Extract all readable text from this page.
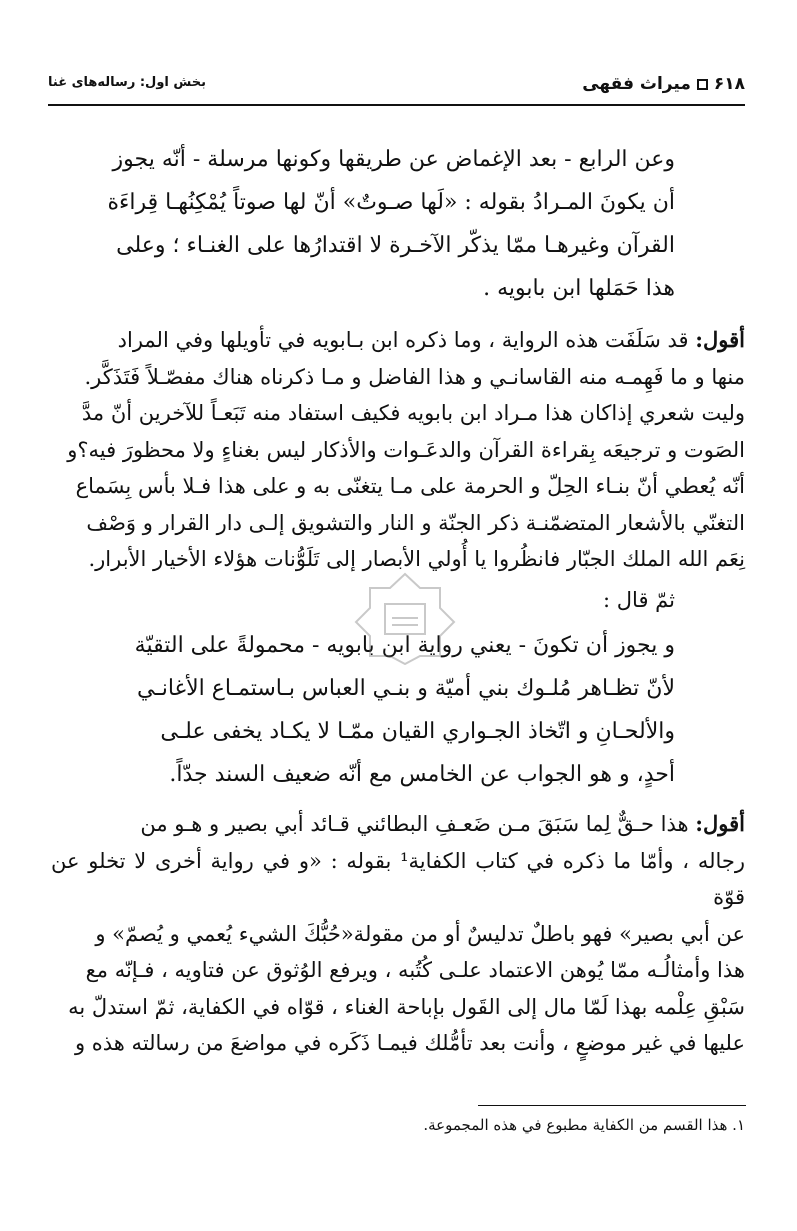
۶۱۸
میراث فقهی
بخش اول: رساله‌های غنا
وعن الرابع - بعد الإغماض عن طريقها وكونها مرسلة - أنّه يجوز
أن يكونَ المـرادُ بقوله : «لَها صـوتٌ» أنّ لها صوتاً يُمْكِنُهـا قِراءَة
القرآن وغيرهـا ممّا يذكّر الآخـرة لا اقتدارُها على الغنـاء ؛ وعلى
هذا حَمَلها ابن بابويه .
أقول: قد سَلَفَت هذه الرواية ، وما ذكره ابن بـابويه في تأويلها وفي المراد
منها و ما فَهِمـه منه القاسانـي و هذا الفاضل و مـا ذكرناه هناك مفصّـلاً فَتَذَكَّر.
وليت شعري إذاكان هذا مـراد ابن بابويه فكيف استفاد منه تَبَعـاً للآخرين أنّ مدَّ
الصَوت و ترجيعَه بِقراءة القرآن والدعَـوات والأذكار ليس بغناءٍ ولا محظورَ فيه؟و
أنّه يُعطي أنّ بنـاء الحِلّ و الحرمة على مـا يتغنّى به و على هذا فـلا بأس بِسَماع
التغنّي بالأشعار المتضمّنـة ذكر الجنّة و النار والتشويق إلـى دار القرار و وَصْف
نِعَم الله الملك الجبّار فانظُروا يا أُولي الأبصار إلى تَلَوُّنات هؤلاء الأخيار الأبرار.
ثمّ قال :
و يجوز أن تكونَ - يعني رواية ابن بابويه - محمولةً على التقيّة
لأنّ تظـاهر مُلـوك بني أميّة و بنـي العباس بـاستمـاع الأغانـي
والألحـانِ و اتّخاذ الجـواري القيان ممّـا لا يكـاد يخفى علـى
أحدٍ، و هو الجواب عن الخامس مع أنّه ضعيف السند جدّاً.
أقول: هذا حـقٌّ لِما سَبَقَ مـن ضَعـفِ البطائني قـائد أبي بصير و هـو من
رجاله ، وأمّا ما ذكره في كتاب الكفاية¹ بقوله : «و في رواية أخرى لا تخلو عن قوّة
عن أبي بصير» فهو باطلٌ تدليسٌ أو من مقولة«حُبُّكَ الشيء يُعمي و يُصمّ» و
هذا وأمثالُـه ممّا يُوهن الاعتماد علـى كُتُبه ، ويرفع الوُثوق عن فتاويه ، فـإنّه مع
سَبْقِ عِلْمه بهذا لَمّا مال إلى القَول بإباحة الغناء ، قوّاه في الكفاية، ثمّ استدلّ به
عليها في غير موضعٍ ، وأنت بعد تأمُّلك فيمـا ذَكَره في مواضعَ من رسالته هذه و
١. هذا القسم من الكفاية مطبوع في هذه المجموعة.
